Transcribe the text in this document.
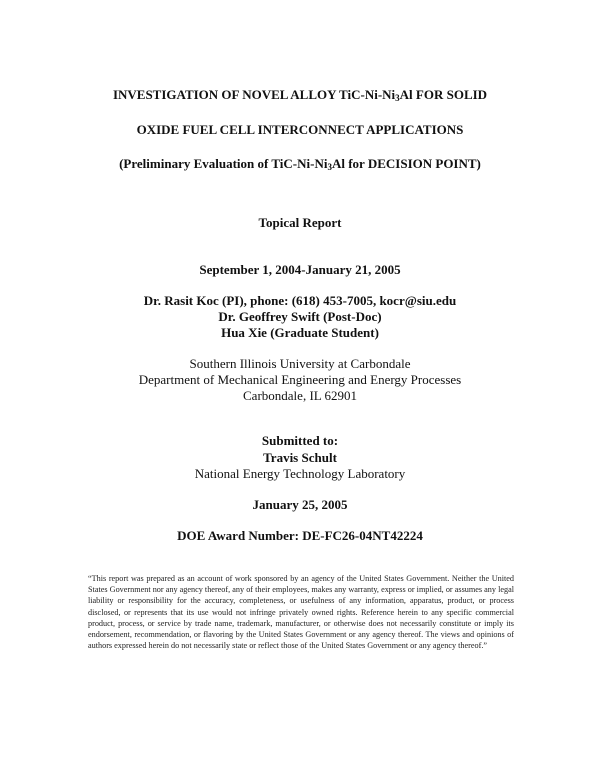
INVESTIGATION OF NOVEL ALLOY TiC-$Ni-Ni_3Al$ FOR SOLID
OXIDE FUEL CELL INTERCONNECT APPLICATIONS
(Preliminary Evaluation of TiC-$Ni-Ni_3Al$ for DECISION POINT)
Topical Report
September 1, 2004-January 21, 2005
Dr. Rasit Koc (PI), phone: (618) 453-7005, kocr@siu.edu
Dr. Geoffrey Swift (Post-Doc)
Hua Xie (Graduate Student)
Southern Illinois University at Carbondale
Department of Mechanical Engineering and Energy Processes
Carbondale, IL 62901
Submitted to:
Travis Schult
National Energy Technology Laboratory
January 25, 2005
DOE Award Number: DE-FC26-04NT42224

“This report was prepared as an account of work sponsored by an agency of the United States Government. Neither the United States Government nor any agency thereof, any of their employees, makes any warranty, express or implied, or assumes any legal liability or responsibility for the accuracy, completeness, or usefulness of any information, apparatus, product, or process disclosed, or represents that its use would not infringe privately owned rights. Reference herein to any specific commercial product, process, or service by trade name, trademark, manufacturer, or otherwise does not necessarily constitute or imply its endorsement, recommendation, or flavoring by the United States Government or any agency thereof. The views and opinions of authors expressed herein do not necessarily state or reflect those of the United States Government or any agency thereof.”
